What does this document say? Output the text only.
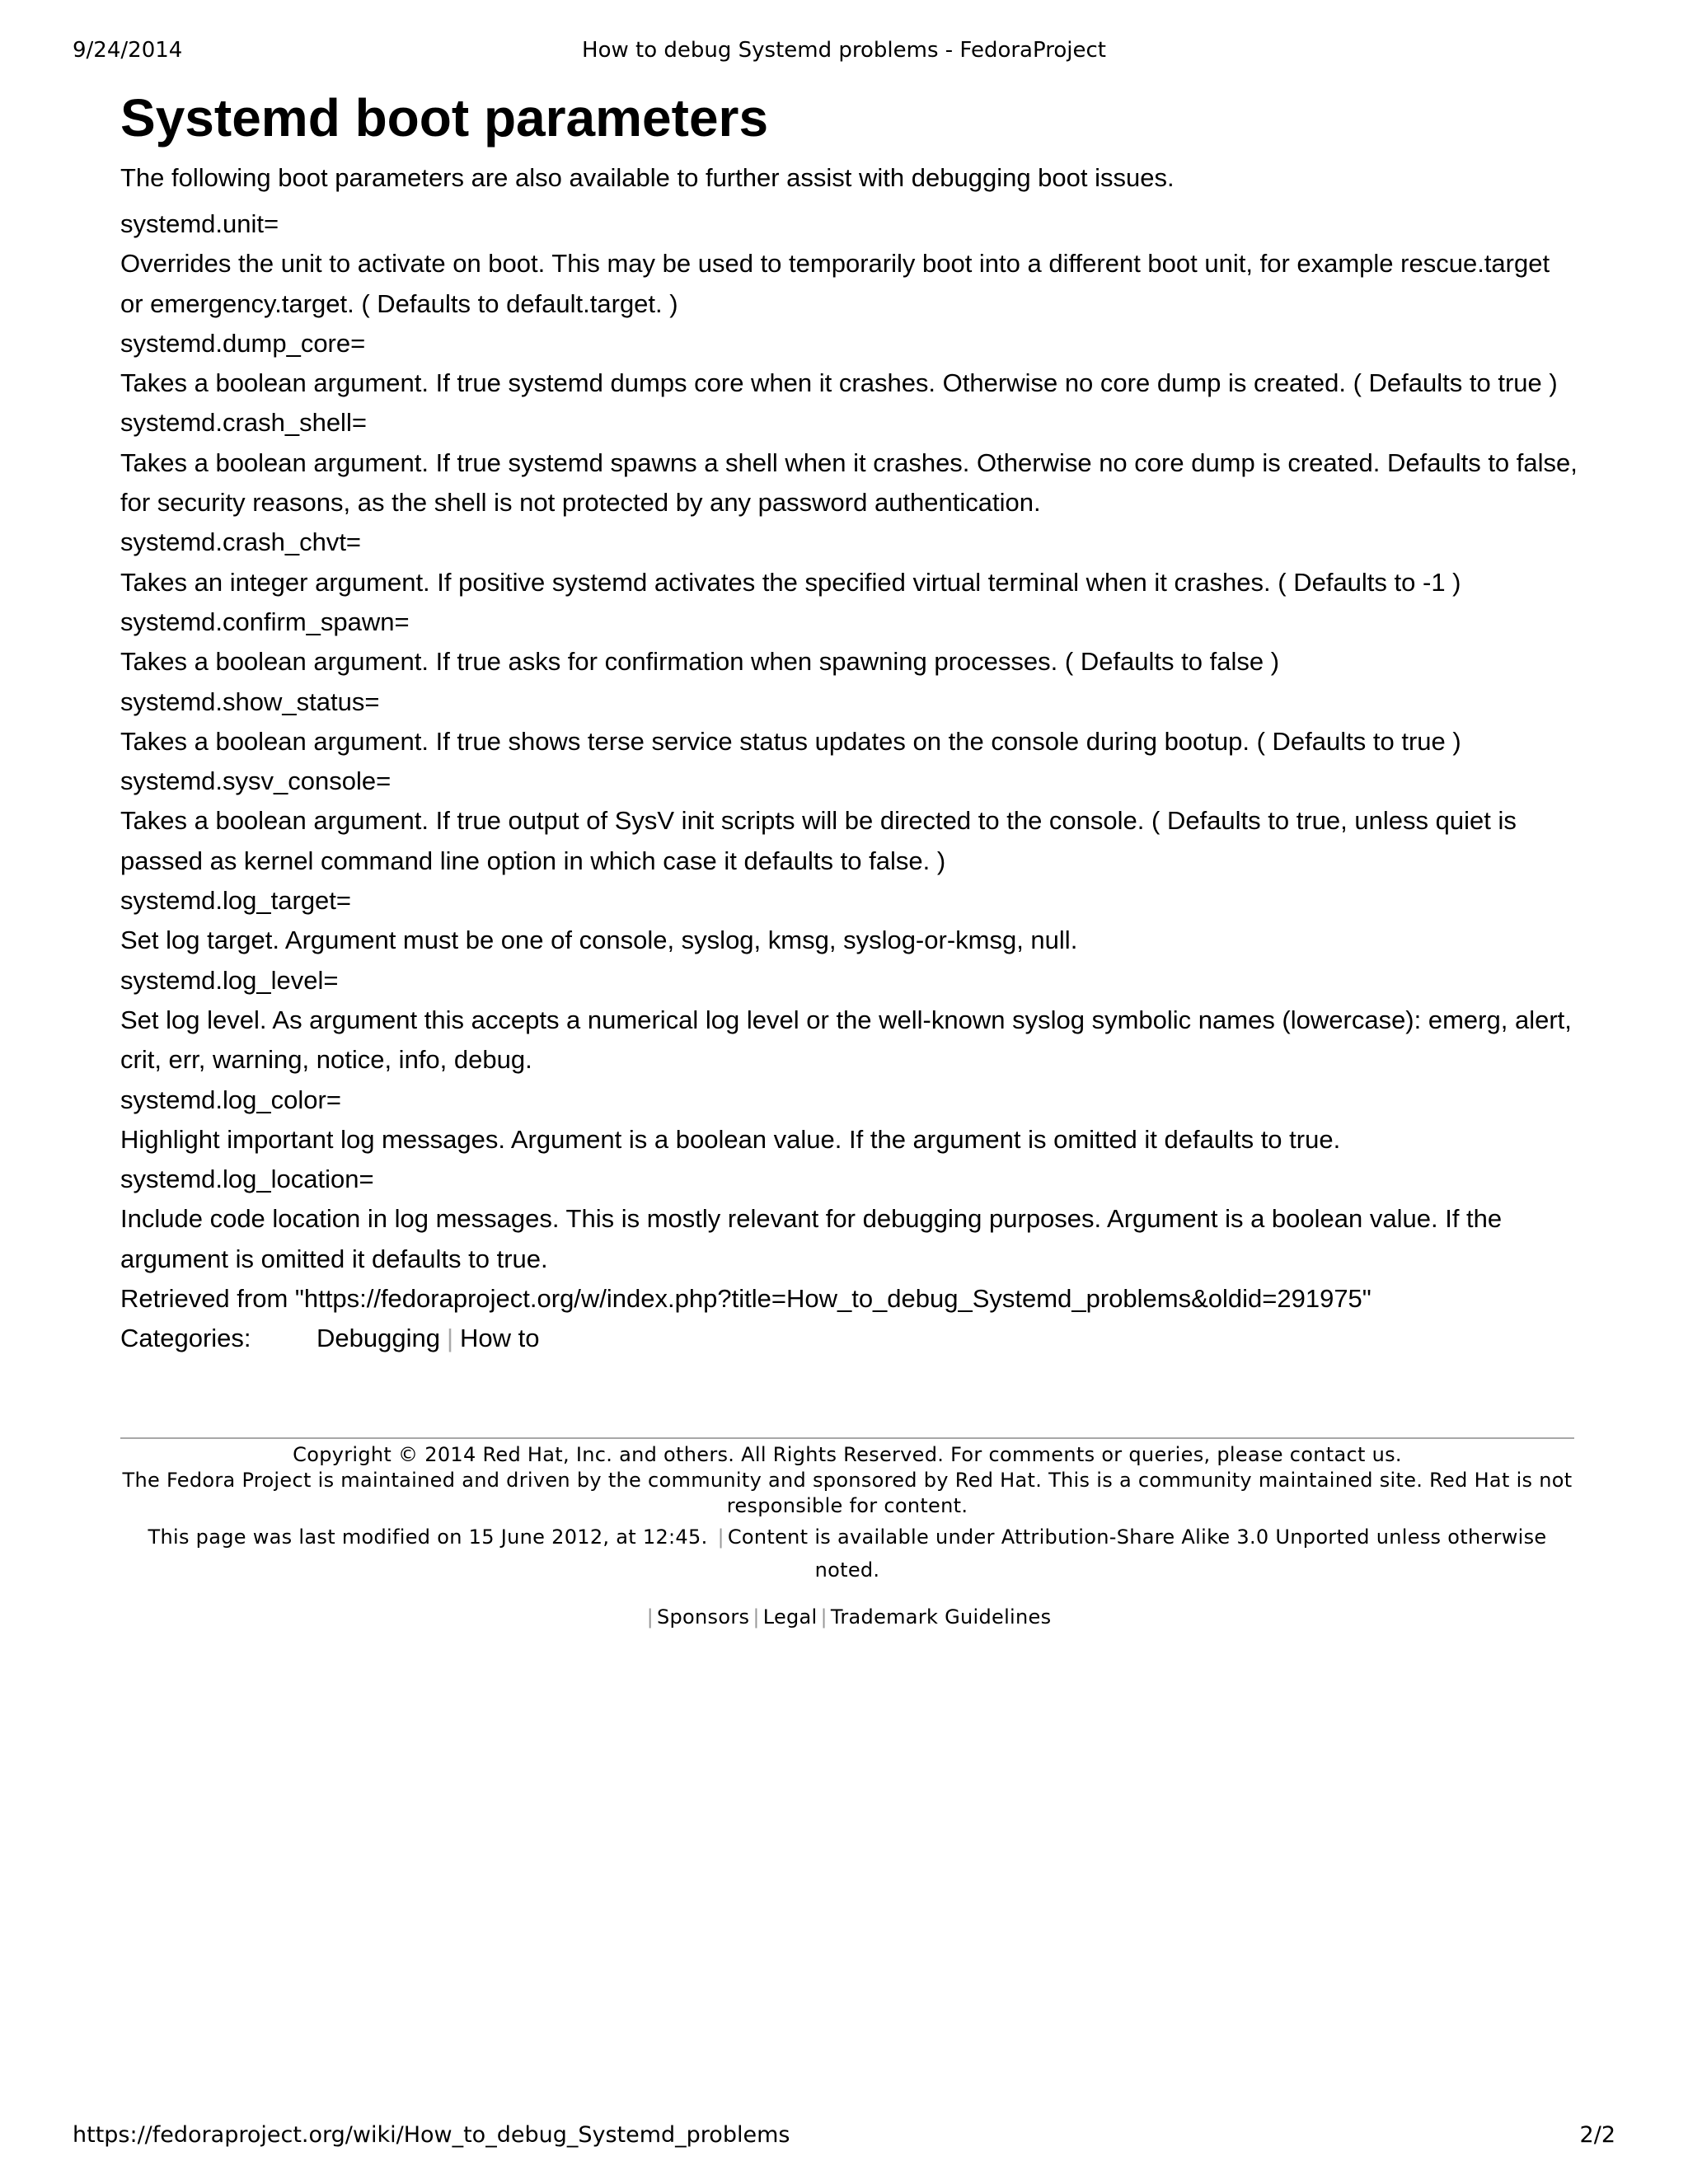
9/24/2014	How to debug Systemd problems - FedoraProject
Systemd boot parameters

The following boot parameters are also available to further assist with debugging boot issues.

systemd.unit=
Overrides the unit to activate on boot. This may be used to temporarily boot into a different boot unit, for example rescue.target or emergency.target. ( Defaults to default.target. )
systemd.dump_core=
Takes a boolean argument. If true systemd dumps core when it crashes. Otherwise no core dump is created. ( Defaults to true )
systemd.crash_shell=
Takes a boolean argument. If true systemd spawns a shell when it crashes. Otherwise no core dump is created. Defaults to false, for security reasons, as the shell is not protected by any password authentication.
systemd.crash_chvt=
Takes an integer argument. If positive systemd activates the specified virtual terminal when it crashes. ( Defaults to -1 )
systemd.confirm_spawn=
Takes a boolean argument. If true asks for confirmation when spawning processes. ( Defaults to false )
systemd.show_status=
Takes a boolean argument. If true shows terse service status updates on the console during bootup. ( Defaults to true )
systemd.sysv_console=
Takes a boolean argument. If true output of SysV init scripts will be directed to the console. ( Defaults to true, unless quiet is passed as kernel command line option in which case it defaults to false. )
systemd.log_target=
Set log target. Argument must be one of console, syslog, kmsg, syslog-or-kmsg, null.
systemd.log_level=
Set log level. As argument this accepts a numerical log level or the well-known syslog symbolic names (lowercase): emerg, alert, crit, err, warning, notice, info, debug.
systemd.log_color=
Highlight important log messages. Argument is a boolean value. If the argument is omitted it defaults to true.
systemd.log_location=
Include code location in log messages. This is mostly relevant for debugging purposes. Argument is a boolean value. If the argument is omitted it defaults to true.
Retrieved from "https://fedoraproject.org/w/index.php?title=How_to_debug_Systemd_problems&oldid=291975"
Categories:	Debugging | How to

Copyright © 2014 Red Hat, Inc. and others. All Rights Reserved. For comments or queries, please contact us.

The Fedora Project is maintained and driven by the community and sponsored by Red Hat. This is a community maintained site. Red Hat is not responsible for content.

This page was last modified on 15 June 2012, at 12:45. | Content is available under Attribution-Share Alike 3.0 Unported unless otherwise noted.

| Sponsors | Legal | Trademark Guidelines

https://fedoraproject.org/wiki/How_to_debug_Systemd_problems	2/2
